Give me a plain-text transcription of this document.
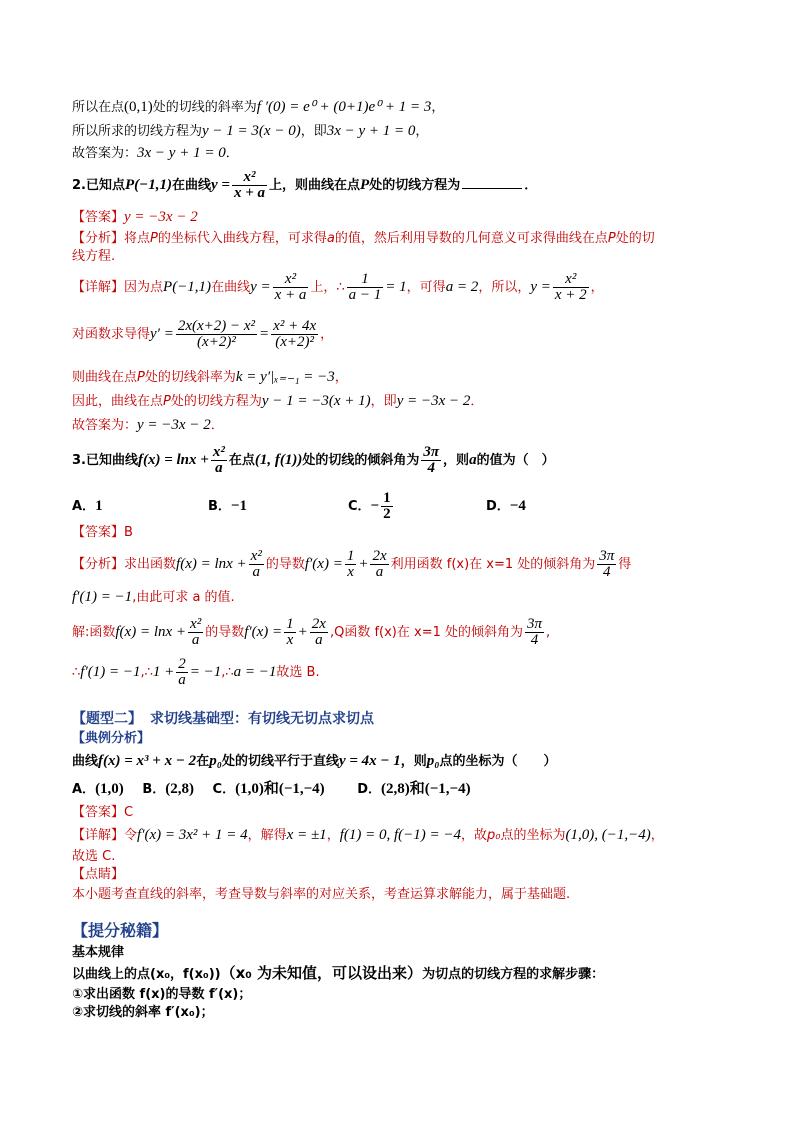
所以在点(0,1)处的切线的斜率为f ′(0) = e⁰ + (0+1)e⁰ + 1 = 3，
所以所求的切线方程为y − 1 = 3(x − 0)，即3x − y + 1 = 0，
故答案为：3x − y + 1 = 0．
2.已知点P(−1,1)在曲线$y = \frac{\text{x²}}{x + a}$ 上，则曲线在点P处的切线方程为	．
【答案】y = −3x − 2
【分析】将点P的坐标代入曲线方程，可求得a的值，然后利用导数的几何意义可求得曲线在点P处的切
线方程.
【详解】因为点P(−1,1)在曲线$y = \frac{\text{x²}}{x + a}$ 上，∴ $\frac{1}{a - 1} = 1$，可得a = 2，所以，$y = \frac{\text{x²}}{x + 2}$ ，
对函数求导得$y' = \frac{\text{2x(x+2) − x²}}{\text{(x+2)²}} = \frac{\text{x² + 4x}}{\text{(x+2)²}}$ ，
则曲线在点P处的切线斜率为k = y′|ₓ₌₋₁ = −3，
因此，曲线在点P处的切线方程为y − 1 = −3(x + 1)，即y = −3x − 2．
故答案为：y = −3x − 2．
3.已知曲线$f(x) = \ln x + \frac{\text{x²}}{a}$ 在点(1, f(1))处的切线的倾斜角为 $\frac{3\pi}{4}$ ，则a的值为（　）
A．1	B．−1	C．− $\frac{1}{2}$	D．−4
【答案】B
【分析】求出函数$f(x) = \ln x + \frac{\text{x²}}{a}$ 的导数$f'(x) = \frac{1}{x} + \frac{2x}{a}$ 利用函数 f(x)在 x=1 处的倾斜角为 $\frac{3\pi}{4}$ 得
f′(1) = −1,由此可求 a 的值.
解:函数$f(x) = \ln x + \frac{\text{x²}}{a}$ 的导数$f'(x) = \frac{1}{x} + \frac{2x}{a} ,Q$函数 f(x)在 x=1 处的倾斜角为 $\frac{3\pi}{4}$ ,
∴f′(1) = −1,∴1 + $\frac{2}{a}$ = −1,∴a = −1故选 B.
【题型二】 求切线基础型：有切线无切点求切点
【典例分析】
曲线f(x) = x³ + x − 2在p₀处的切线平行于直线y = 4x − 1，则p₀点的坐标为（　　）
A．(1,0) B．(2,8) C．(1,0)和(−1,−4)	D．(2,8)和(−1,−4)
【答案】C
【详解】令f′(x) = 3x² + 1 = 4，解得x = ±1，f(1) = 0, f(−1) = −4，故p₀点的坐标为(1,0), (−1,−4)，
故选 C.
【点睛】
本小题考查直线的斜率，考查导数与斜率的对应关系，考查运算求解能力，属于基础题.
【提分秘籍】
基本规律
以曲线上的点(x₀，f(x₀))（x₀ 为未知值，可以设出来）为切点的切线方程的求解步骤：
①求出函数 f(x)的导数 f′(x)；
②求切线的斜率 f′(x₀)；
